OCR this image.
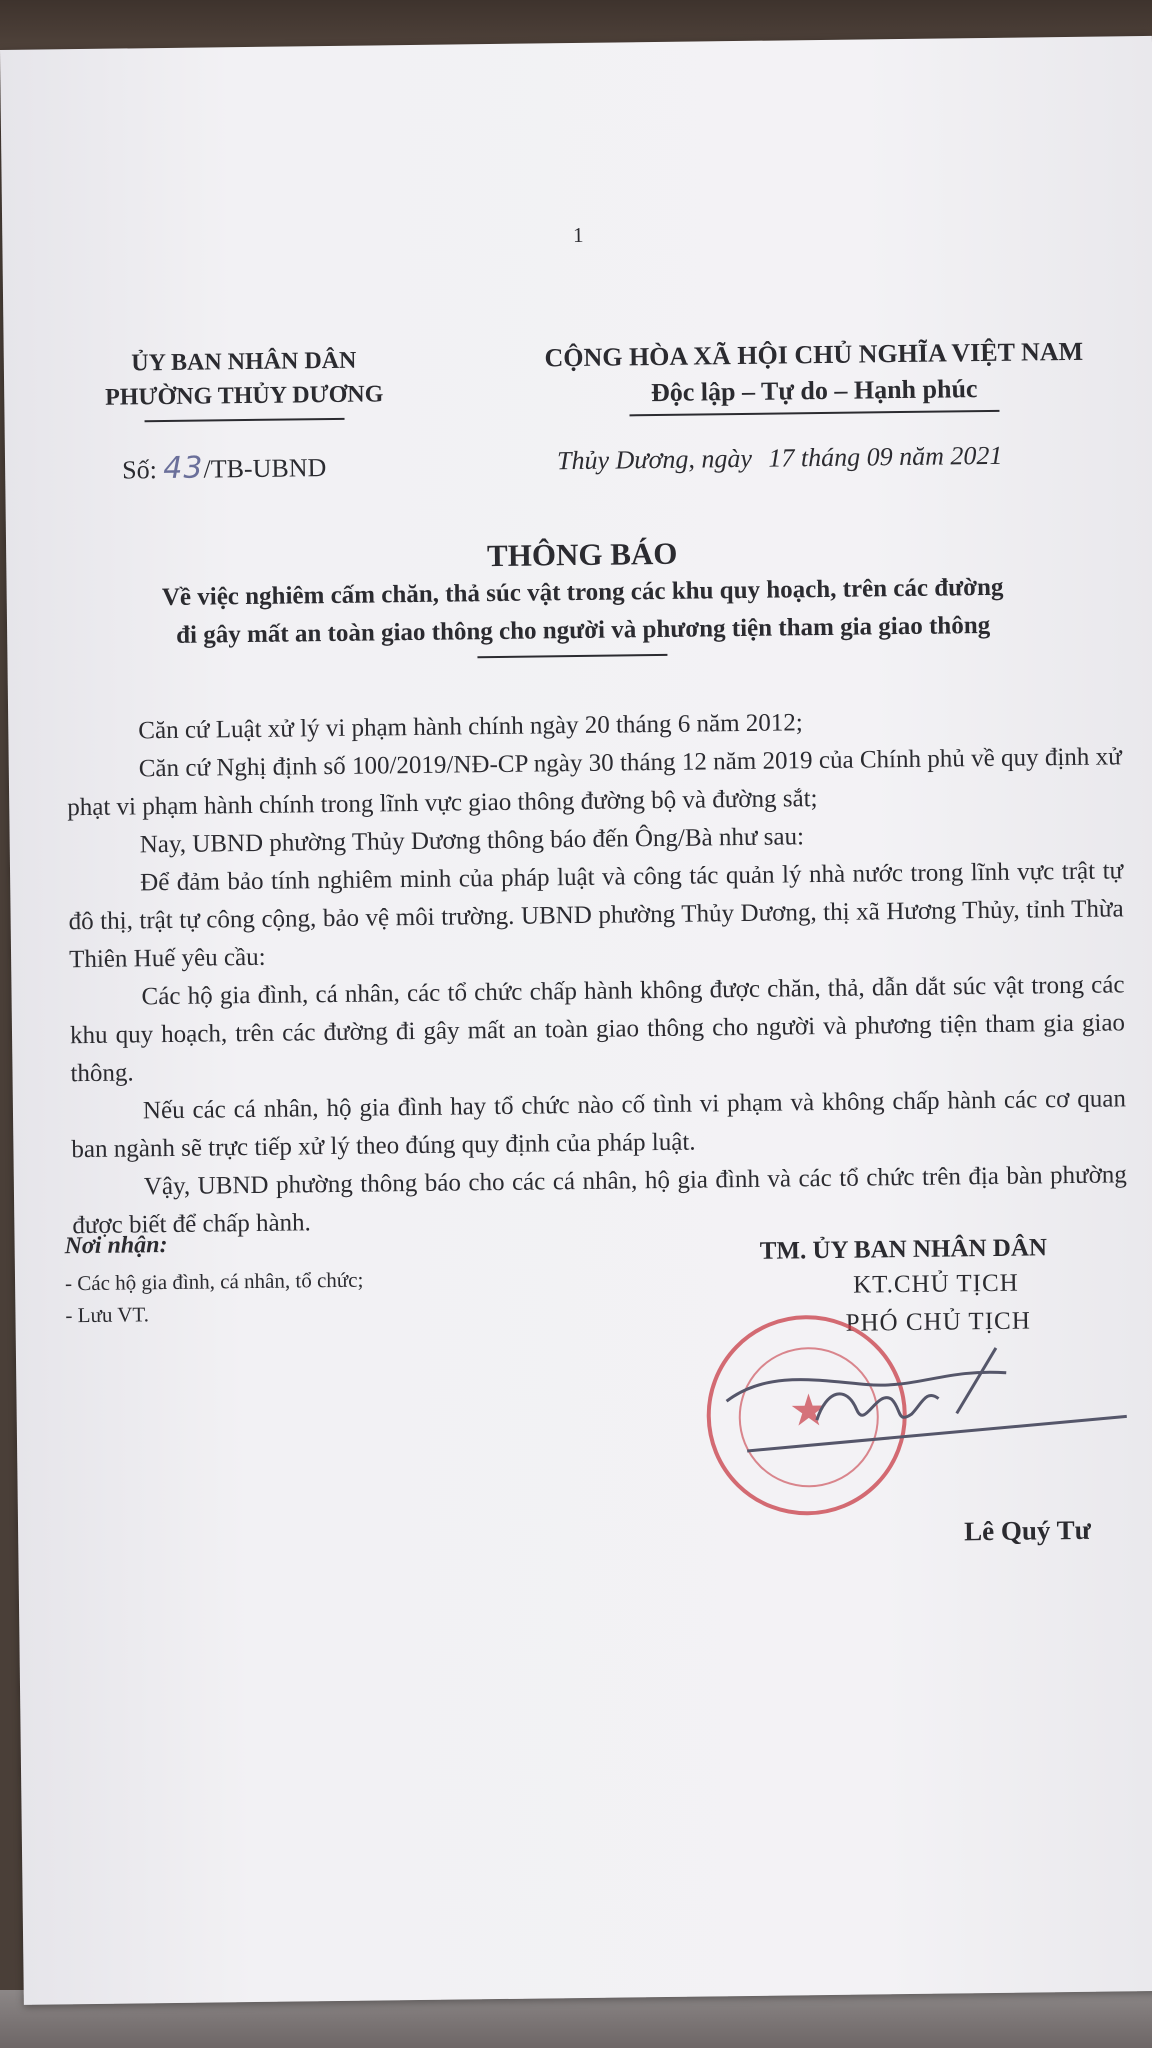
1
ỦY BAN NHÂN DÂN
PHƯỜNG THỦY DƯƠNG
CỘNG HÒA XÃ HỘI CHỦ NGHĨA VIỆT NAM
Độc lập – Tự do – Hạnh phúc
Số: 43/TB-UBND	Thủy Dương, ngày 17 tháng 09 năm 2021
THÔNG BÁO
Về việc nghiêm cấm chăn, thả súc vật trong các khu quy hoạch, trên các đường
đi gây mất an toàn giao thông cho người và phương tiện tham gia giao thông

Căn cứ Luật xử lý vi phạm hành chính ngày 20 tháng 6 năm 2012;

Căn cứ Nghị định số 100/2019/NĐ-CP ngày 30 tháng 12 năm 2019 của Chính phủ về quy định xử phạt vi phạm hành chính trong lĩnh vực giao thông đường bộ và đường sắt;

Nay, UBND phường Thủy Dương thông báo đến Ông/Bà như sau:

Để đảm bảo tính nghiêm minh của pháp luật và công tác quản lý nhà nước trong lĩnh vực trật tự đô thị, trật tự công cộng, bảo vệ môi trường. UBND phường Thủy Dương, thị xã Hương Thủy, tỉnh Thừa Thiên Huế yêu cầu:

Các hộ gia đình, cá nhân, các tổ chức chấp hành không được chăn, thả, dẫn dắt súc vật trong các khu quy hoạch, trên các đường đi gây mất an toàn giao thông cho người và phương tiện tham gia giao thông.

Nếu các cá nhân, hộ gia đình hay tổ chức nào cố tình vi phạm và không chấp hành các cơ quan ban ngành sẽ trực tiếp xử lý theo đúng quy định của pháp luật.

Vậy, UBND phường thông báo cho các cá nhân, hộ gia đình và các tổ chức trên địa bàn phường được biết để chấp hành.

Nơi nhận:
- Các hộ gia đình, cá nhân, tổ chức;
- Lưu VT.
TM. ỦY BAN NHÂN DÂN
KT.CHỦ TỊCH
PHÓ CHỦ TỊCH
★
Lê Quý Tư
